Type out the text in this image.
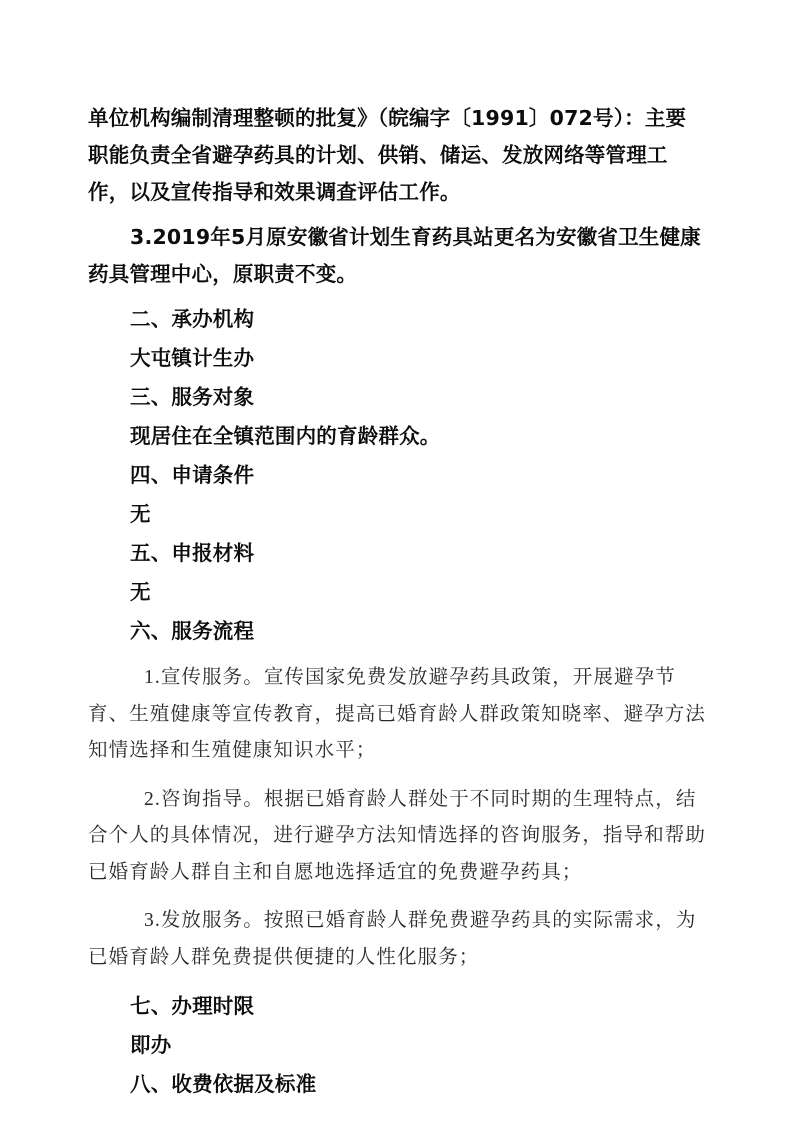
单位机构编制清理整顿的批复》（皖编字〔1991〕072号）：主要职能负责全省避孕药具的计划、供销、储运、发放网络等管理工作，以及宣传指导和效果调查评估工作。

3.2019年5月原安徽省计划生育药具站更名为安徽省卫生健康药具管理中心，原职责不变。

二、承办机构

大屯镇计生办

三、服务对象

现居住在全镇范围内的育龄群众。

四、申请条件

无

五、申报材料

无

六、服务流程

1.宣传服务。宣传国家免费发放避孕药具政策，开展避孕节育、生殖健康等宣传教育，提高已婚育龄人群政策知晓率、避孕方法知情选择和生殖健康知识水平；

2.咨询指导。根据已婚育龄人群处于不同时期的生理特点，结合个人的具体情况，进行避孕方法知情选择的咨询服务，指导和帮助已婚育龄人群自主和自愿地选择适宜的免费避孕药具；

3.发放服务。按照已婚育龄人群免费避孕药具的实际需求，为已婚育龄人群免费提供便捷的人性化服务；

七、办理时限

即办

八、收费依据及标准
